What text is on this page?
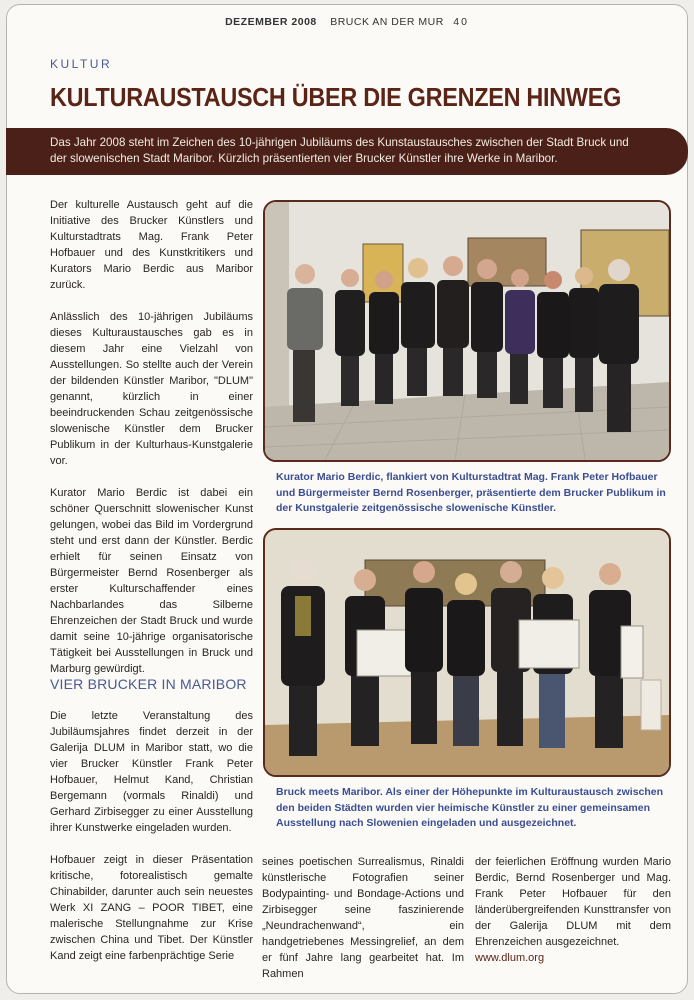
DEZEMBER 2008 BRUCK AN DER MUR 40
KULTUR
KULTURAUSTAUSCH ÜBER DIE GRENZEN HINWEG
Das Jahr 2008 steht im Zeichen des 10-jährigen Jubiläums des Kunstaustausches zwischen der Stadt Bruck und der slowenischen Stadt Maribor. Kürzlich präsentierten vier Brucker Künstler ihre Werke in Maribor.

Der kulturelle Austausch geht auf die Initiative des Brucker Künstlers und Kulturstadtrats Mag. Frank Peter Hofbauer und des Kunstkritikers und Kurators Mario Berdic aus Maribor zurück.

Anlässlich des 10-jährigen Jubiläums dieses Kulturaustausches gab es in diesem Jahr eine Vielzahl von Ausstellungen. So stellte auch der Verein der bildenden Künstler Maribor, "DLUM" genannt, kürzlich in einer beeindruckenden Schau zeitgenössische slowenische Künstler dem Brucker Publikum in der Kulturhaus-Kunstgalerie vor.

Kurator Mario Berdic ist dabei ein schöner Querschnitt slowenischer Kunst gelungen, wobei das Bild im Vordergrund steht und erst dann der Künstler. Berdic erhielt für seinen Einsatz von Bürgermeister Bernd Rosenberger als erster Kulturschaffender eines Nachbarlandes das Silberne Ehrenzeichen der Stadt Bruck und wurde damit seine 10-jährige organisatorische Tätigkeit bei Ausstellungen in Bruck und Marburg gewürdigt.

VIER BRUCKER IN MARIBOR

Die letzte Veranstaltung des Jubiläumsjahres findet derzeit in der Galerija DLUM in Maribor statt, wo die vier Brucker Künstler Frank Peter Hofbauer, Helmut Kand, Christian Bergemann (vormals Rinaldi) und Gerhard Zirbisegger zu einer Ausstellung ihrer Kunstwerke eingeladen wurden.

Hofbauer zeigt in dieser Präsentation kritische, fotorealistisch gemalte Chinabilder, darunter auch sein neuestes Werk XI ZANG – POOR TIBET, eine malerische Stellungnahme zur Krise zwischen China und Tibet. Der Künstler Kand zeigt eine farbenprächtige Serie

seines poetischen Surrealismus, Rinaldi künstlerische Fotografien seiner Bodypainting- und Bondage-Actions und Zirbisegger seine faszinierende „Neundrachenwand“, ein handgetriebenes Messingrelief, an dem er fünf Jahre lang gearbeitet hat. Im Rahmen

der feierlichen Eröffnung wurden Mario Berdic, Bernd Rosenberger und Mag. Frank Peter Hofbauer für den länderübergreifenden Kunsttransfer von der Galerija DLUM mit dem Ehrenzeichen ausgezeichnet.

www.dlum.org
Kurator Mario Berdic, flankiert von Kulturstadtrat Mag. Frank Peter Hofbauer und Bürgermeister Bernd Rosenberger, präsentierte dem Brucker Publikum in der Kunstgalerie zeitgenössische slowenische Künstler.
Bruck meets Maribor. Als einer der Höhepunkte im Kulturaustausch zwischen den beiden Städten wurden vier heimische Künstler zu einer gemeinsamen Ausstellung nach Slowenien eingeladen und ausgezeichnet.
